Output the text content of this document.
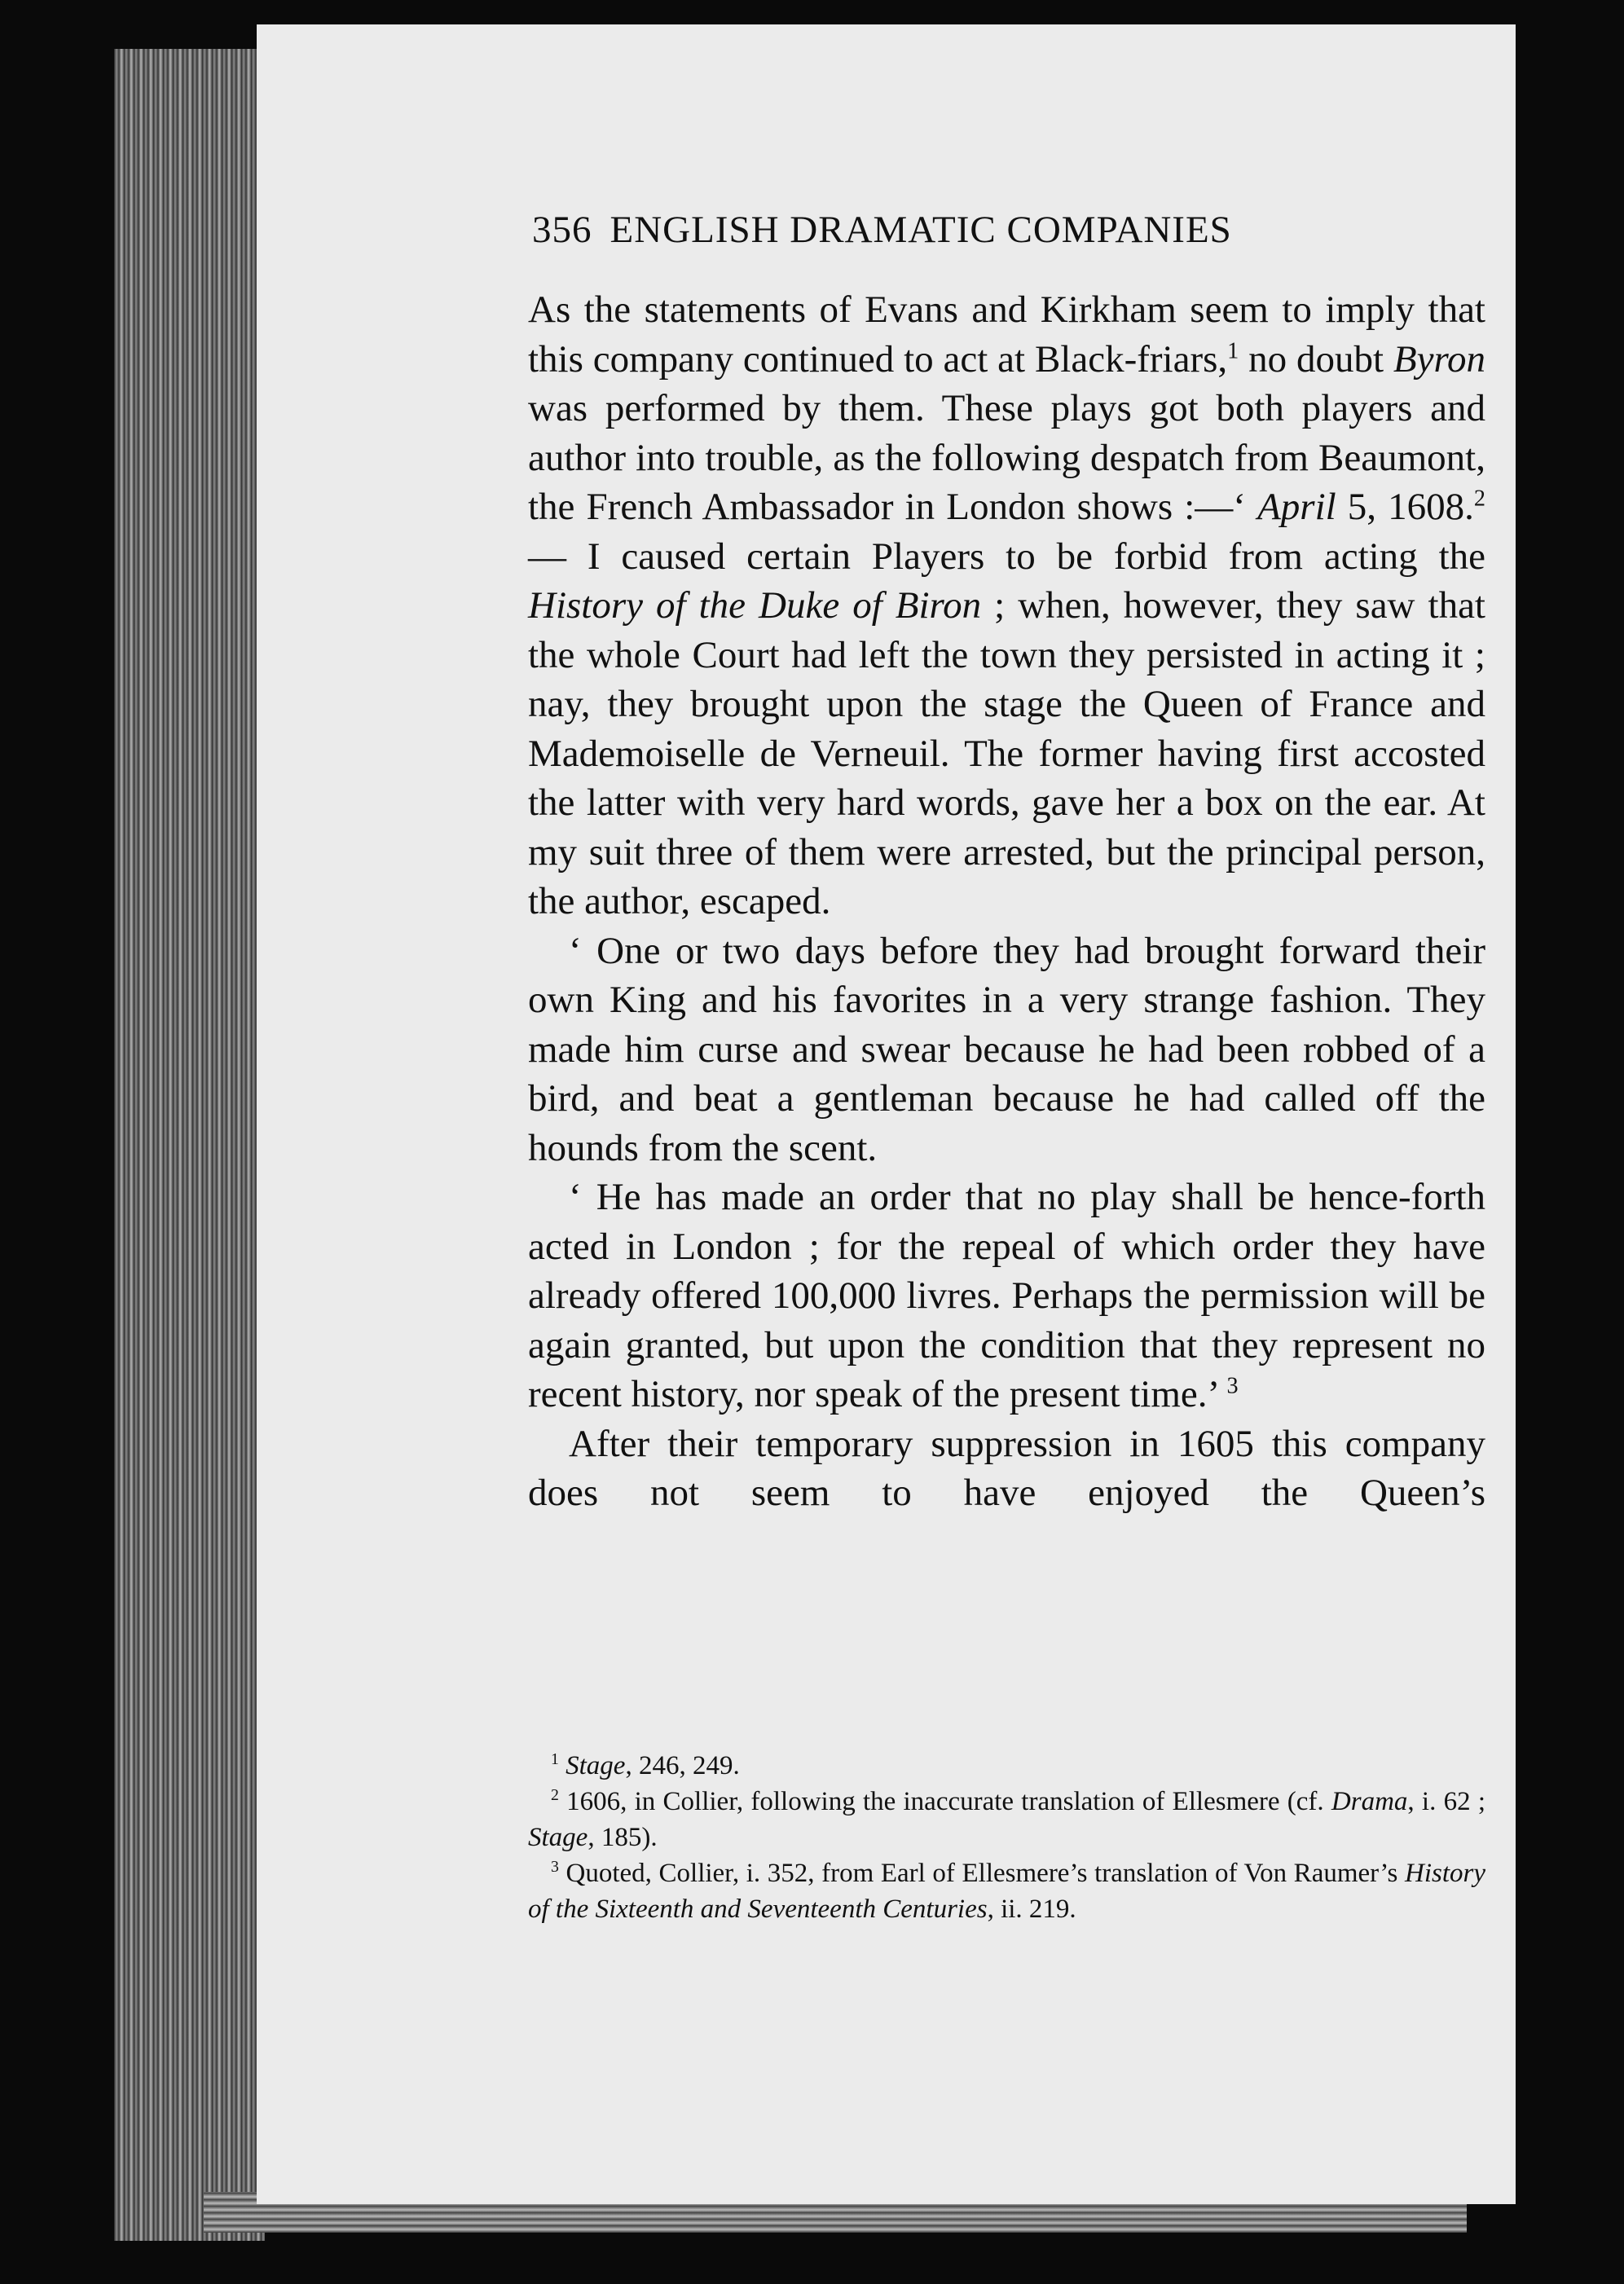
356 ENGLISH DRAMATIC COMPANIES

As the statements of Evans and Kirkham seem to imply that this company continued to act at Black-friars,$^1$ no doubt Byron was performed by them. These plays got both players and author into trouble, as the following despatch from Beaumont, the French Ambassador in London shows :—‘ April 5, 1608.$^2$— I caused certain Players to be forbid from acting the History of the Duke of Biron ; when, however, they saw that the whole Court had left the town they persisted in acting it ; nay, they brought upon the stage the Queen of France and Mademoiselle de Verneuil. The former having first accosted the latter with very hard words, gave her a box on the ear. At my suit three of them were arrested, but the principal person, the author, escaped.

‘ One or two days before they had brought forward their own King and his favorites in a very strange fashion. They made him curse and swear because he had been robbed of a bird, and beat a gentleman because he had called off the hounds from the scent.

‘ He has made an order that no play shall be hence-forth acted in London ; for the repeal of which order they have already offered 100,000 livres. Perhaps the permission will be again granted, but upon the condition that they represent no recent history, nor speak of the present time.’ $^3$

After their temporary suppression in 1605 this company does not seem to have enjoyed the Queen’s

$^1$ Stage, 246, 249.

$^2$ 1606, in Collier, following the inaccurate translation of Ellesmere (cf. Drama, i. 62 ; Stage, 185).

$^3$ Quoted, Collier, i. 352, from Earl of Ellesmere’s translation of Von Raumer’s History of the Sixteenth and Seventeenth Centuries, ii. 219.
